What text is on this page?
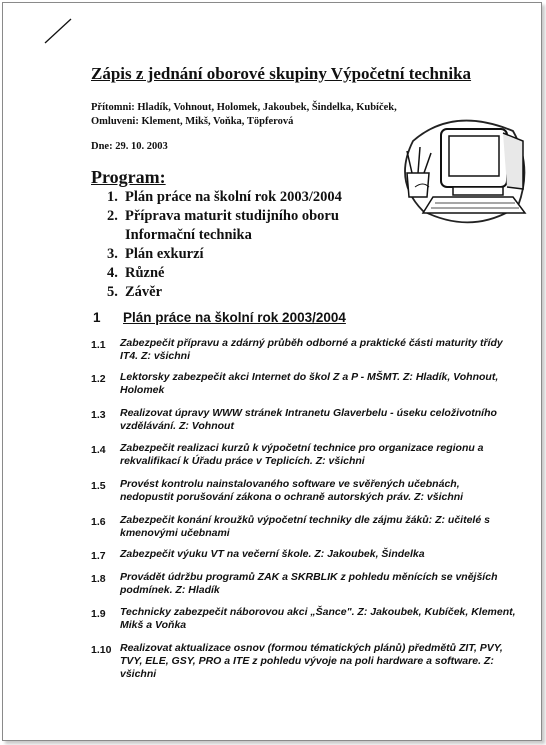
Zápis z jednání oborové skupiny Výpočetní technika
Přítomni: Hladík, Vohnout, Holomek, Jakoubek, Šindelka, Kubíček,
Omluveni: Klement, Mikš, Voňka, Töpferová
Dne: 29. 10. 2003
Program:
1. Plán práce na školní rok 2003/2004
2. Příprava maturit studijního oboru
Informační technika
3. Plán exkurzí
4. Různé
5. Závěr
1 Plán práce na školní rok 2003/2004
1.1 Zabezpečit přípravu a zdárný průběh odborné a praktické části maturity třídy IT4. Z: všichni
1.2 Lektorsky zabezpečit akci Internet do škol Z a P - MŠMT. Z: Hladík, Vohnout, Holomek
1.3 Realizovat úpravy WWW stránek Intranetu Glaverbelu - úseku celoživotního vzdělávání. Z: Vohnout
1.4 Zabezpečit realizaci kurzů k výpočetní technice pro organizace regionu a rekvalifikací k Úřadu práce v Teplicích. Z: všichni
1.5 Provést kontrolu nainstalovaného software ve svěřených učebnách, nedopustit porušování zákona o ochraně autorských práv. Z: všichni
1.6 Zabezpečit konání kroužků výpočetní techniky dle zájmu žáků: Z: učitelé s kmenovými učebnami
1.7 Zabezpečit výuku VT na večerní škole. Z: Jakoubek, Šindelka
1.8 Provádět údržbu programů ZAK a SKRBLIK z pohledu měnících se vnějších podmínek. Z: Hladík
1.9 Technicky zabezpečit náborovou akci „Šance". Z: Jakoubek, Kubíček, Klement, Mikš a Voňka
1.10 Realizovat aktualizace osnov (formou tématických plánů) předmětů ZIT, PVY, TVY, ELE, GSY, PRO a ITE z pohledu vývoje na poli hardware a software. Z: všichni
